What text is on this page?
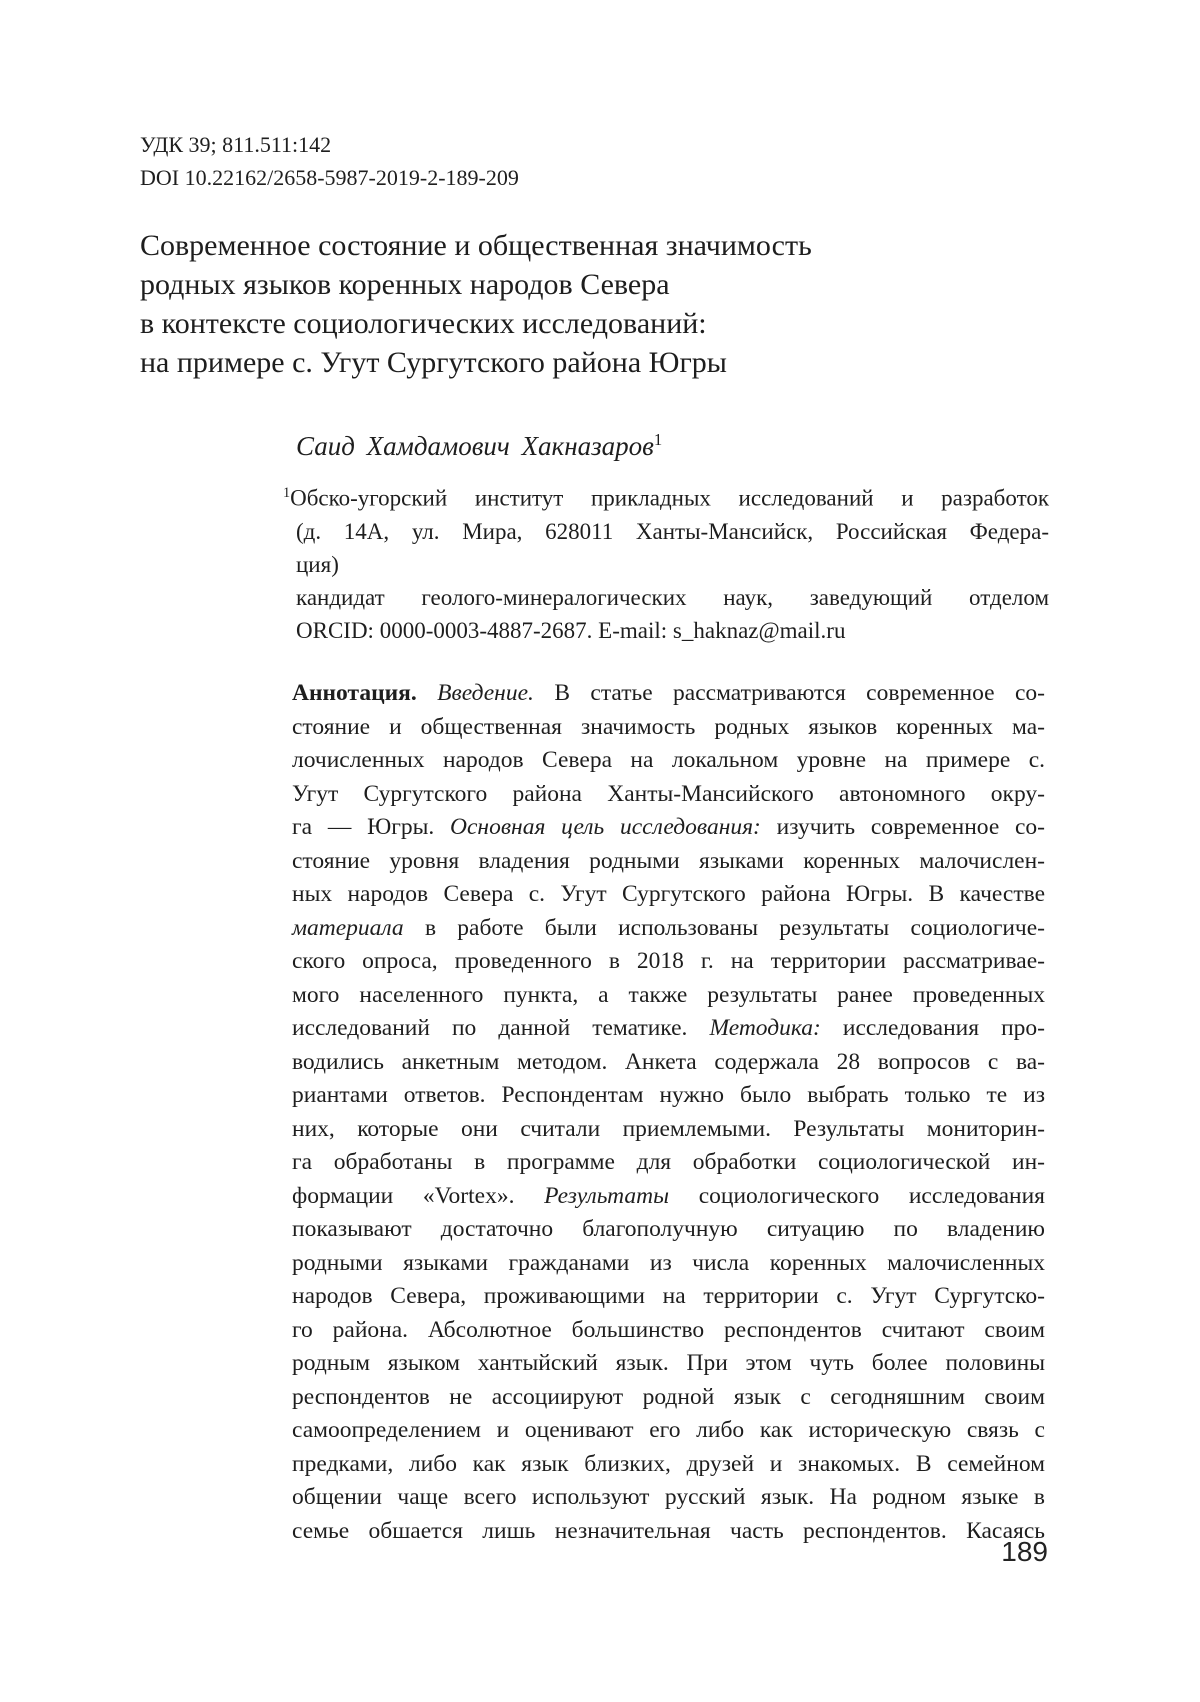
УДК 39; 811.511:142
DOI 10.22162/2658-5987-2019-2-189-209
Современное состояние и общественная значимость
родных языков коренных народов Севера
в контексте социологических исследований:
на примере с. Угут Сургутского района Югры
Саид Хамдамович Хакназаров$^1$
$^1$Обско-угорский институт прикладных исследований и разработок
(д. 14А, ул. Мира, 628011 Ханты-Мансийск, Российская Федера-
ция)
кандидат геолого-минералогических наук, заведующий отделом
ORCID: 0000-0003-4887-2687. E-mail: s_haknaz@mail.ru
Аннотация. Введение. В статье рассматриваются современное со-
стояние и общественная значимость родных языков коренных ма-
лочисленных народов Севера на локальном уровне на примере с.
Угут Сургутского района Ханты-Мансийского автономного окру-
га — Югры. Основная цель исследования: изучить современное со-
стояние уровня владения родными языками коренных малочислен-
ных народов Севера с. Угут Сургутского района Югры. В качестве
материала в работе были использованы результаты социологиче-
ского опроса, проведенного в 2018 г. на территории рассматривае-
мого населенного пункта, а также результаты ранее проведенных
исследований по данной тематике. Методика: исследования про-
водились анкетным методом. Анкета содержала 28 вопросов с ва-
риантами ответов. Респондентам нужно было выбрать только те из
них, которые они считали приемлемыми. Результаты мониторин-
га обработаны в программе для обработки социологической ин-
формации «Vortex». Результаты социологического исследования
показывают достаточно благополучную ситуацию по владению
родными языками гражданами из числа коренных малочисленных
народов Севера, проживающими на территории с. Угут Сургутско-
го района. Абсолютное большинство респондентов считают своим
родным языком хантыйский язык. При этом чуть более половины
респондентов не ассоциируют родной язык с сегодняшним своим
самоопределением и оценивают его либо как историческую связь с
предками, либо как язык близких, друзей и знакомых. В семейном
общении чаще всего используют русский язык. На родном языке в
семье обшается лишь незначительная часть респондентов. Касаясь
189
